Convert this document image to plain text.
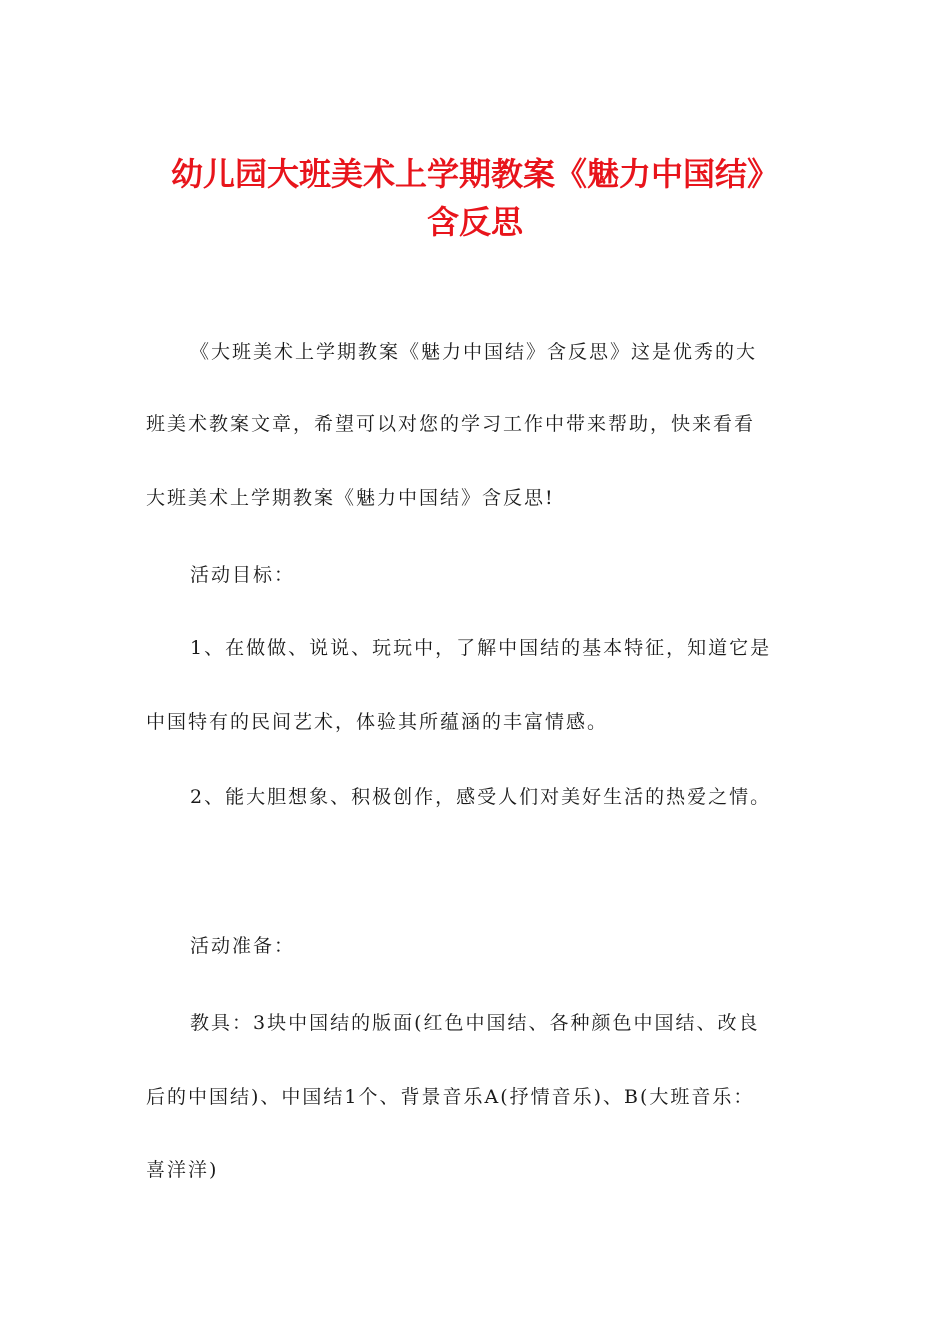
幼儿园大班美术上学期教案《魅力中国结》
含反思

《大班美术上学期教案《魅力中国结》含反思》这是优秀的大

班美术教案文章，希望可以对您的学习工作中带来帮助，快来看看

大班美术上学期教案《魅力中国结》含反思!

活动目标：

1、在做做、说说、玩玩中，了解中国结的基本特征，知道它是

中国特有的民间艺术，体验其所蕴涵的丰富情感。

2、能大胆想象、积极创作，感受人们对美好生活的热爱之情。

活动准备：

教具：3块中国结的版面(红色中国结、各种颜色中国结、改良

后的中国结)、中国结1个、背景音乐A(抒情音乐)、B(大班音乐：

喜洋洋)
